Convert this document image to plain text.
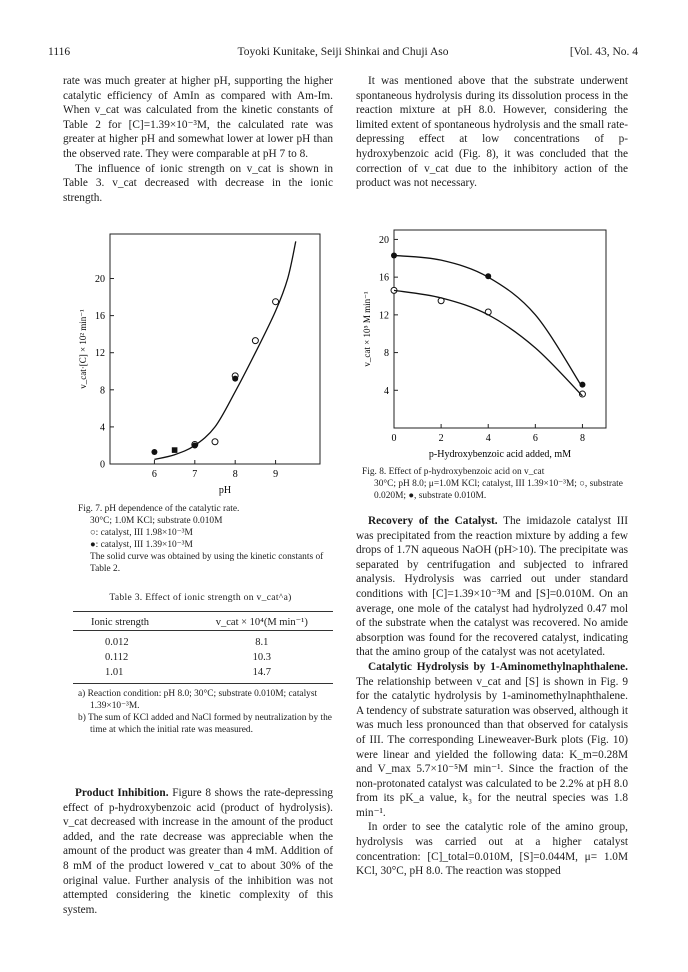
1116	Toyoki Kunitake, Seiji Shinkai and Chuji Aso	[Vol. 43, No. 4

rate was much greater at higher pH, supporting the higher catalytic efficiency of AmIn as compared with Am-Im. When v_cat was calculated from the kinetic constants of Table 2 for [C]=1.39×10⁻³M, the calculated rate was greater at higher pH and somewhat lower at lower pH than the observed rate. They were comparable at pH 7 to 8.

The influence of ionic strength on v_cat is shown in Table 3. v_cat decreased with decrease in the ionic strength.

6	7	8	9
0
4
8
12
16
20
pH
v_cat·[C] × 10² min⁻¹

Fig. 7. pH dependence of the catalytic rate.

30°C; 1.0M KCl; substrate 0.010M

○: catalyst, III 1.98×10⁻³M

●: catalyst, III 1.39×10⁻³M

The solid curve was obtained by using the kinetic constants of Table 2.

Table 3. Effect of ionic strength on v_cat^a)
Ionic strength	v_cat × 10⁴(M min⁻¹)
0.012	8.1
0.112	10.3
1.01	14.7

a) Reaction condition: pH 8.0; 30°C; substrate 0.010M; catalyst 1.39×10⁻³M.

b) The sum of KCl added and NaCl formed by neutralization by the time at which the initial rate was measured.

Product Inhibition. Figure 8 shows the rate-depressing effect of p-hydroxybenzoic acid (product of hydrolysis). v_cat decreased with increase in the amount of the product added, and the rate decrease was appreciable when the amount of the product was greater than 4 mM. Addition of 8 mM of the product lowered v_cat to about 30% of the original value. Further analysis of the inhibition was not attempted considering the kinetic complexity of this system.

It was mentioned above that the substrate underwent spontaneous hydrolysis during its dissolution process in the reaction mixture at pH 8.0. However, considering the limited extent of spontaneous hydrolysis and the small rate-depressing effect at low concentrations of p-hydroxybenzoic acid (Fig. 8), it was concluded that the correction of v_cat due to the inhibitory action of the product was not necessary.

0	2	4	6	8
4
8
12
16
20
p-Hydroxybenzoic acid added, mM
v_cat × 10⁵ M min⁻¹

Fig. 8. Effect of p-hydroxybenzoic acid on v_cat

30°C; pH 8.0; μ=1.0M KCl; catalyst, III 1.39×10⁻³M; ○, substrate 0.020M; ●, substrate 0.010M.

Recovery of the Catalyst. The imidazole catalyst III was precipitated from the reaction mixture by adding a few drops of 1.7N aqueous NaOH (pH>10). The precipitate was separated by centrifugation and subjected to infrared analysis. Hydrolysis was carried out under standard conditions with [C]=1.39×10⁻³M and [S]=0.010M. On an average, one mole of the catalyst had hydrolyzed 0.47 mol of the substrate when the catalyst was recovered. No amide absorption was found for the recovered catalyst, indicating that the amino group of the catalyst was not acetylated.

Catalytic Hydrolysis by 1-Aminomethylnaphthalene. The relationship between v_cat and [S] is shown in Fig. 9 for the catalytic hydrolysis by 1-aminomethylnaphthalene. A tendency of substrate saturation was observed, although it was much less pronounced than that observed for catalysis of III. The corresponding Lineweaver-Burk plots (Fig. 10) were linear and yielded the following data: K_m=0.28M and V_max 5.7×10⁻⁵M min⁻¹. Since the fraction of the non-protonated catalyst was calculated to be 2.2% at pH 8.0 from its pK_a value, k₃ for the neutral species was 1.8 min⁻¹.

In order to see the catalytic role of the amino group, hydrolysis was carried out at a higher catalyst concentration: [C]_total=0.010M, [S]=0.044M, μ= 1.0M KCl, 30°C, pH 8.0. The reaction was stopped
